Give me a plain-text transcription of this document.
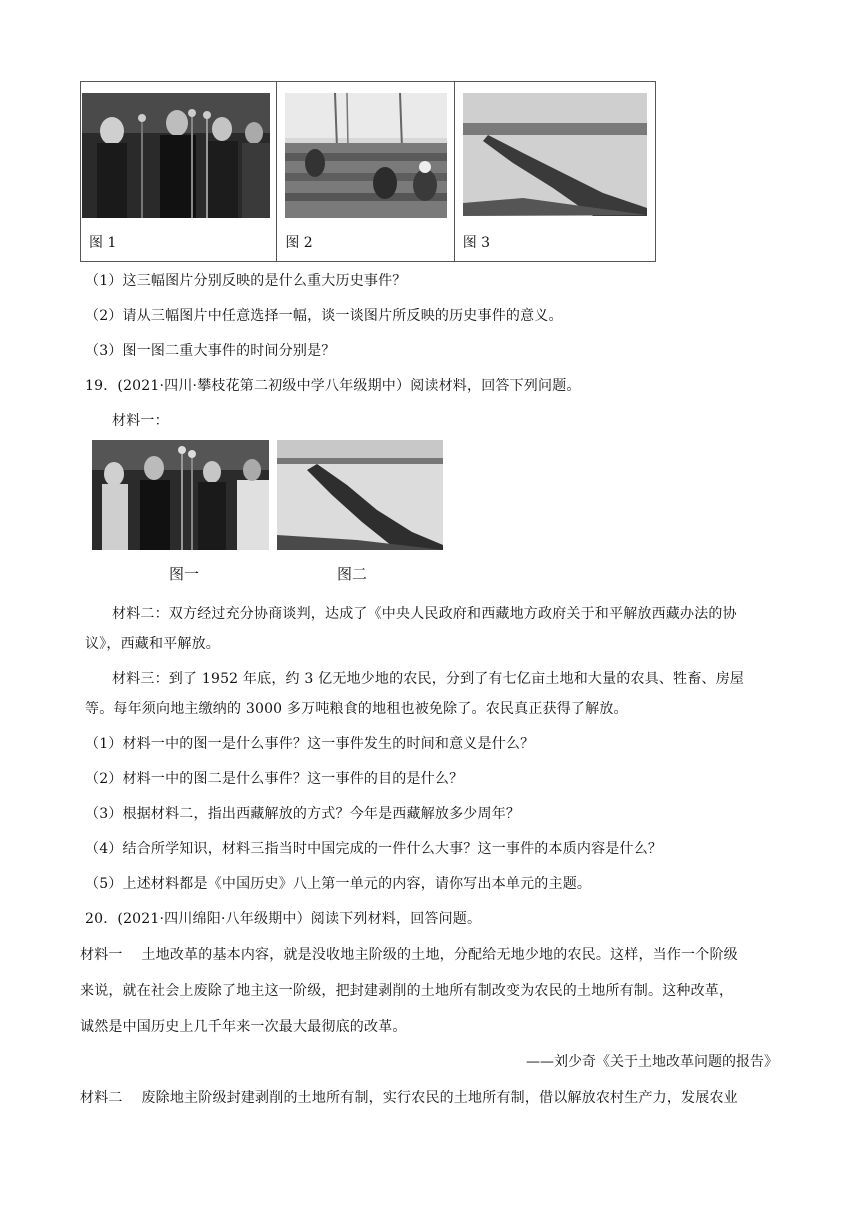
图 1	图 2	图 3
（1）这三幅图片分别反映的是什么重大历史事件？
（2）请从三幅图片中任意选择一幅，谈一谈图片所反映的历史事件的意义。
（3）图一图二重大事件的时间分别是？
19．(2021·四川·攀枝花第二初级中学八年级期中）阅读材料，回答下列问题。
材料一：
图一	图二
材料二：双方经过充分协商谈判，达成了《中央人民政府和西藏地方政府关于和平解放西藏办法的协
议》，西藏和平解放。
材料三：到了 1952 年底，约 3 亿无地少地的农民，分到了有七亿亩土地和大量的农具、牲畜、房屋
等。每年须向地主缴纳的 3000 多万吨粮食的地租也被免除了。农民真正获得了解放。
（1）材料一中的图一是什么事件？这一事件发生的时间和意义是什么？
（2）材料一中的图二是什么事件？这一事件的目的是什么？
（3）根据材料二，指出西藏解放的方式？今年是西藏解放多少周年？
（4）结合所学知识，材料三指当时中国完成的一件什么大事？这一事件的本质内容是什么？
（5）上述材料都是《中国历史》八上第一单元的内容，请你写出本单元的主题。
20．(2021·四川绵阳·八年级期中）阅读下列材料，回答问题。
材料一　 土地改革的基本内容，就是没收地主阶级的土地，分配给无地少地的农民。这样，当作一个阶级
来说，就在社会上废除了地主这一阶级，把封建剥削的土地所有制改变为农民的土地所有制。这种改革，
诚然是中国历史上几千年来一次最大最彻底的改革。
——刘少奇《关于土地改革问题的报告》
材料二　 废除地主阶级封建剥削的土地所有制，实行农民的土地所有制，借以解放农村生产力，发展农业
